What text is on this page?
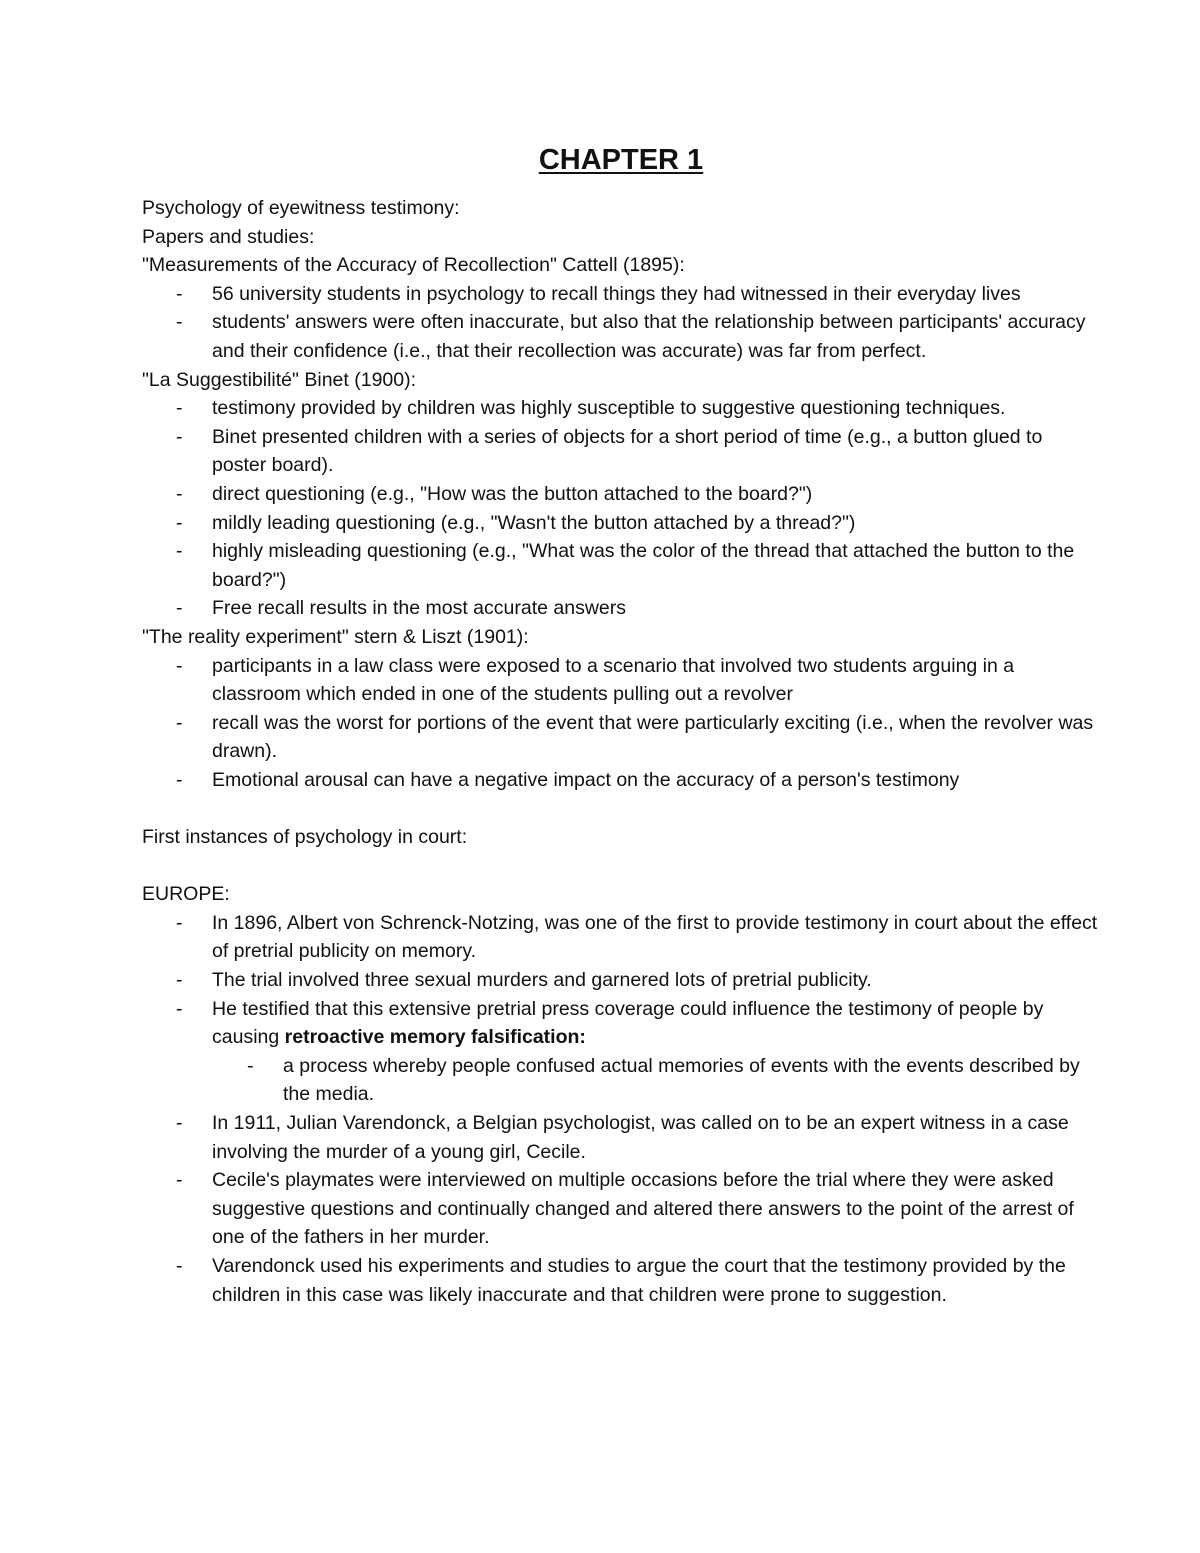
CHAPTER 1

Psychology of eyewitness testimony:

Papers and studies:

"Measurements of the Accuracy of Recollection" Cattell (1895):

- 56 university students in psychology to recall things they had witnessed in their everyday lives
- students' answers were often inaccurate, but also that the relationship between participants' accuracy and their confidence (i.e., that their recollection was accurate) was far from perfect.

"La Suggestibilité" Binet (1900):

- testimony provided by children was highly susceptible to suggestive questioning techniques.
- Binet presented children with a series of objects for a short period of time (e.g., a button glued to poster board).
- direct questioning (e.g., "How was the button attached to the board?")
- mildly leading questioning (e.g., "Wasn't the button attached by a thread?")
- highly misleading questioning (e.g., "What was the color of the thread that attached the button to the board?")
- Free recall results in the most accurate answers

"The reality experiment" stern & Liszt (1901):

- participants in a law class were exposed to a scenario that involved two students arguing in a classroom which ended in one of the students pulling out a revolver
- recall was the worst for portions of the event that were particularly exciting (i.e., when the revolver was drawn).
- Emotional arousal can have a negative impact on the accuracy of a person's testimony

First instances of psychology in court:

EUROPE:

- In 1896, Albert von Schrenck-Notzing, was one of the first to provide testimony in court about the effect of pretrial publicity on memory.
- The trial involved three sexual murders and garnered lots of pretrial publicity.
- He testified that this extensive pretrial press coverage could influence the testimony of people by causing retroactive memory falsification:
- a process whereby people confused actual memories of events with the events described by the media.
- In 1911, Julian Varendonck, a Belgian psychologist, was called on to be an expert witness in a case involving the murder of a young girl, Cecile.
- Cecile's playmates were interviewed on multiple occasions before the trial where they were asked suggestive questions and continually changed and altered there answers to the point of the arrest of one of the fathers in her murder.
- Varendonck used his experiments and studies to argue the court that the testimony provided by the children in this case was likely inaccurate and that children were prone to suggestion.
